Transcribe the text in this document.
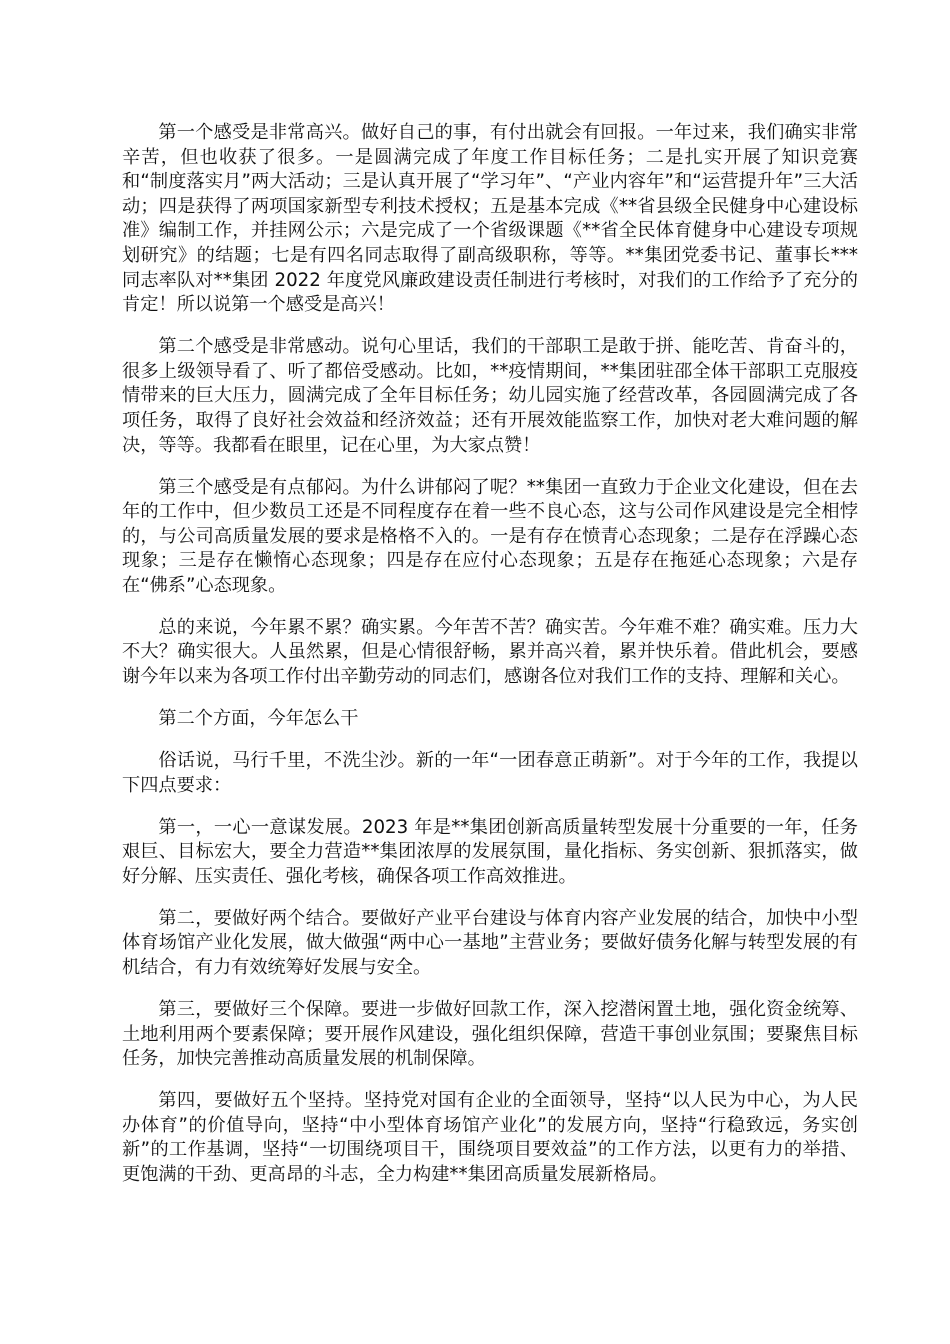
第一个感受是非常高兴。做好自己的事，有付出就会有回报。一年过来，我们确实非常辛苦，但也收获了很多。一是圆满完成了年度工作目标任务；二是扎实开展了知识竞赛和“制度落实月”两大活动；三是认真开展了“学习年”、“产业内容年”和“运营提升年”三大活动；四是获得了两项国家新型专利技术授权；五是基本完成《**省县级全民健身中心建设标准》编制工作，并挂网公示；六是完成了一个省级课题《**省全民体育健身中心建设专项规划研究》的结题；七是有四名同志取得了副高级职称，等等。**集团党委书记、董事长***同志率队对**集团 2022 年度党风廉政建设责任制进行考核时，对我们的工作给予了充分的肯定！所以说第一个感受是高兴！

第二个感受是非常感动。说句心里话，我们的干部职工是敢于拼、能吃苦、肯奋斗的，很多上级领导看了、听了都倍受感动。比如，**疫情期间，**集团驻邵全体干部职工克服疫情带来的巨大压力，圆满完成了全年目标任务；幼儿园实施了经营改革，各园圆满完成了各项任务，取得了良好社会效益和经济效益；还有开展效能监察工作，加快对老大难问题的解决，等等。我都看在眼里，记在心里，为大家点赞！

第三个感受是有点郁闷。为什么讲郁闷了呢？**集团一直致力于企业文化建设，但在去年的工作中，但少数员工还是不同程度存在着一些不良心态，这与公司作风建设是完全相悖的，与公司高质量发展的要求是格格不入的。一是有存在愤青心态现象；二是存在浮躁心态现象；三是存在懒惰心态现象；四是存在应付心态现象；五是存在拖延心态现象；六是存在“佛系”心态现象。

总的来说，今年累不累？确实累。今年苦不苦？确实苦。今年难不难？确实难。压力大不大？确实很大。人虽然累，但是心情很舒畅，累并高兴着，累并快乐着。借此机会，要感谢今年以来为各项工作付出辛勤劳动的同志们，感谢各位对我们工作的支持、理解和关心。

第二个方面，今年怎么干

俗话说，马行千里，不洗尘沙。新的一年“一团春意正萌新”。对于今年的工作，我提以下四点要求：

第一，一心一意谋发展。2023 年是**集团创新高质量转型发展十分重要的一年，任务艰巨、目标宏大，要全力营造**集团浓厚的发展氛围，量化指标、务实创新、狠抓落实，做好分解、压实责任、强化考核，确保各项工作高效推进。

第二，要做好两个结合。要做好产业平台建设与体育内容产业发展的结合，加快中小型体育场馆产业化发展，做大做强“两中心一基地”主营业务；要做好债务化解与转型发展的有机结合，有力有效统筹好发展与安全。

第三，要做好三个保障。要进一步做好回款工作，深入挖潜闲置土地，强化资金统筹、土地利用两个要素保障；要开展作风建设，强化组织保障，营造干事创业氛围；要聚焦目标任务，加快完善推动高质量发展的机制保障。

第四，要做好五个坚持。坚持党对国有企业的全面领导，坚持“以人民为中心，为人民办体育”的价值导向，坚持“中小型体育场馆产业化”的发展方向，坚持“行稳致远，务实创新”的工作基调，坚持“一切围绕项目干，围绕项目要效益”的工作方法，以更有力的举措、更饱满的干劲、更高昂的斗志，全力构建**集团高质量发展新格局。
